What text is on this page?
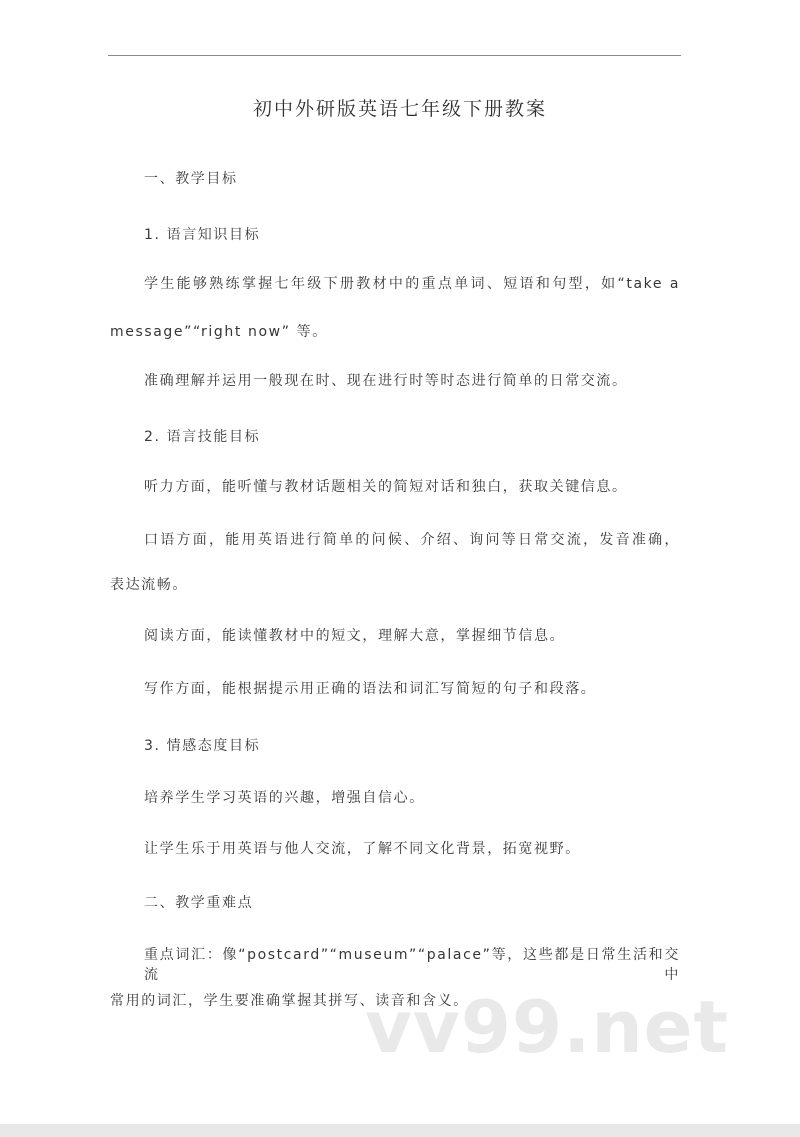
初中外研版英语七年级下册教案
一、教学目标
1. 语言知识目标
学生能够熟练掌握七年级下册教材中的重点单词、短语和句型，如“take a
message”“right now” 等。
准确理解并运用一般现在时、现在进行时等时态进行简单的日常交流。
2. 语言技能目标
听力方面，能听懂与教材话题相关的简短对话和独白，获取关键信息。
口语方面，能用英语进行简单的问候、介绍、询问等日常交流，发音准确，
表达流畅。
阅读方面，能读懂教材中的短文，理解大意，掌握细节信息。
写作方面，能根据提示用正确的语法和词汇写简短的句子和段落。
3. 情感态度目标
培养学生学习英语的兴趣，增强自信心。
让学生乐于用英语与他人交流，了解不同文化背景，拓宽视野。
二、教学重难点
重点词汇：像“postcard”“museum”“palace”等，这些都是日常生活和交流中
常用的词汇，学生要准确掌握其拼写、读音和含义。
vv99.net
